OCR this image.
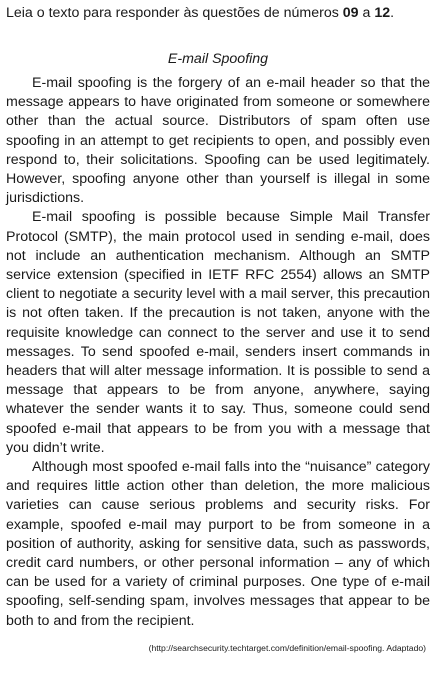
Leia o texto para responder às questões de números 09 a 12.

E-mail Spoofing

E-mail spoofing is the forgery of an e-mail header so that the message appears to have originated from someone or somewhere other than the actual source. Distributors of spam often use spoofing in an attempt to get recipients to open, and possibly even respond to, their solicitations. Spoofing can be used legitimately. However, spoofing anyone other than yourself is illegal in some jurisdictions.

E-mail spoofing is possible because Simple Mail Transfer Protocol (SMTP), the main protocol used in sending e-mail, does not include an authentication mechanism. Although an SMTP service extension (specified in IETF RFC 2554) allows an SMTP client to negotiate a security level with a mail server, this precaution is not often taken. If the precaution is not taken, anyone with the requisite knowledge can connect to the server and use it to send messages. To send spoofed e-mail, senders insert commands in headers that will alter message information. It is possible to send a message that appears to be from anyone, anywhere, saying whatever the sender wants it to say. Thus, someone could send spoofed e-mail that appears to be from you with a message that you didn’t write.

Although most spoofed e-mail falls into the “nuisance” category and requires little action other than deletion, the more malicious varieties can cause serious problems and security risks. For example, spoofed e-mail may purport to be from someone in a position of authority, asking for sensitive data, such as passwords, credit card numbers, or other personal information – any of which can be used for a variety of criminal purposes. One type of e-mail spoofing, self-sending spam, involves messages that appear to be both to and from the recipient.

(http://searchsecurity.techtarget.com/definition/email-spoofing. Adaptado)
